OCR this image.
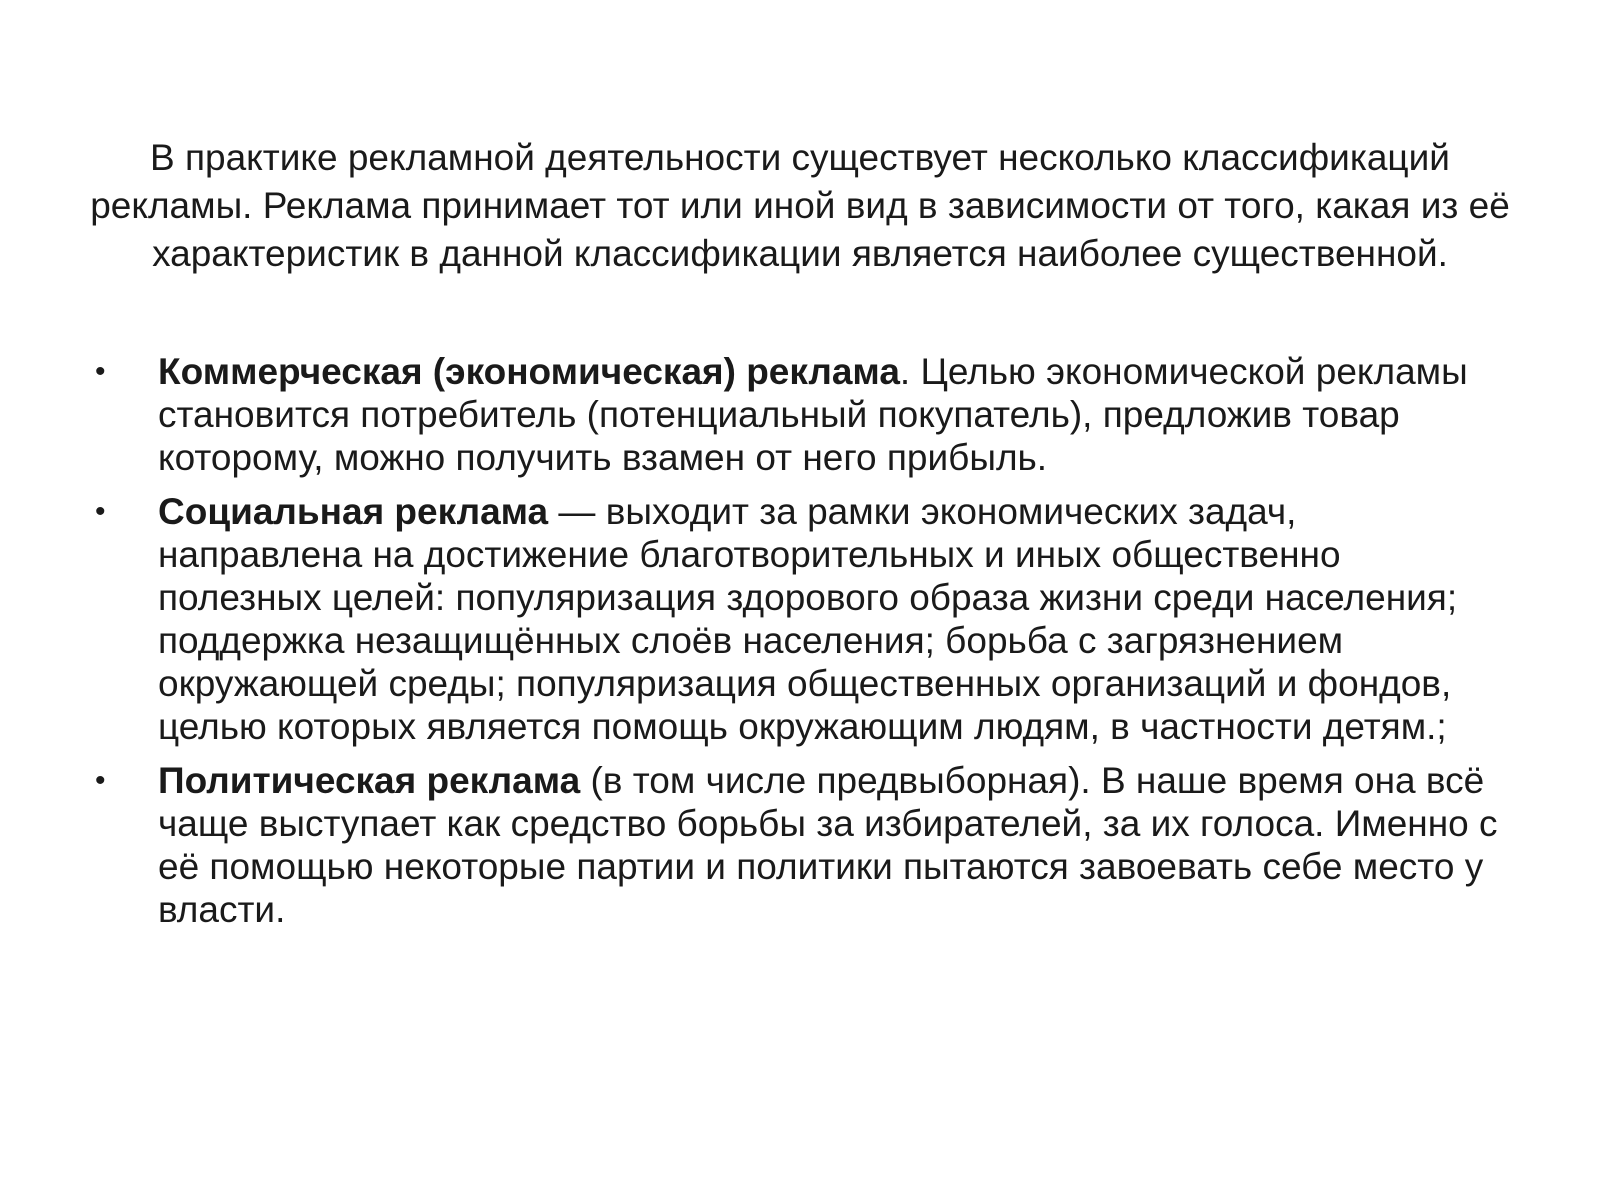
В практике рекламной деятельности существует несколько классификаций рекламы. Реклама принимает тот или иной вид в зависимости от того, какая из её характеристик в данной классификации является наиболее существенной.

• Коммерческая (экономическая) реклама. Целью экономической рекламы становится потребитель (потенциальный покупатель), предложив товар которому, можно получить взамен от него прибыль.
• Социальная реклама — выходит за рамки экономических задач, направлена на достижение благотворительных и иных общественно полезных целей: популяризация здорового образа жизни среди населения; поддержка незащищённых слоёв населения; борьба с загрязнением окружающей среды; популяризация общественных организаций и фондов, целью которых является помощь окружающим людям, в частности детям.;
• Политическая реклама (в том числе предвыборная). В наше время она всё чаще выступает как средство борьбы за избирателей, за их голоса. Именно с её помощью некоторые партии и политики пытаются завоевать себе место у власти.
